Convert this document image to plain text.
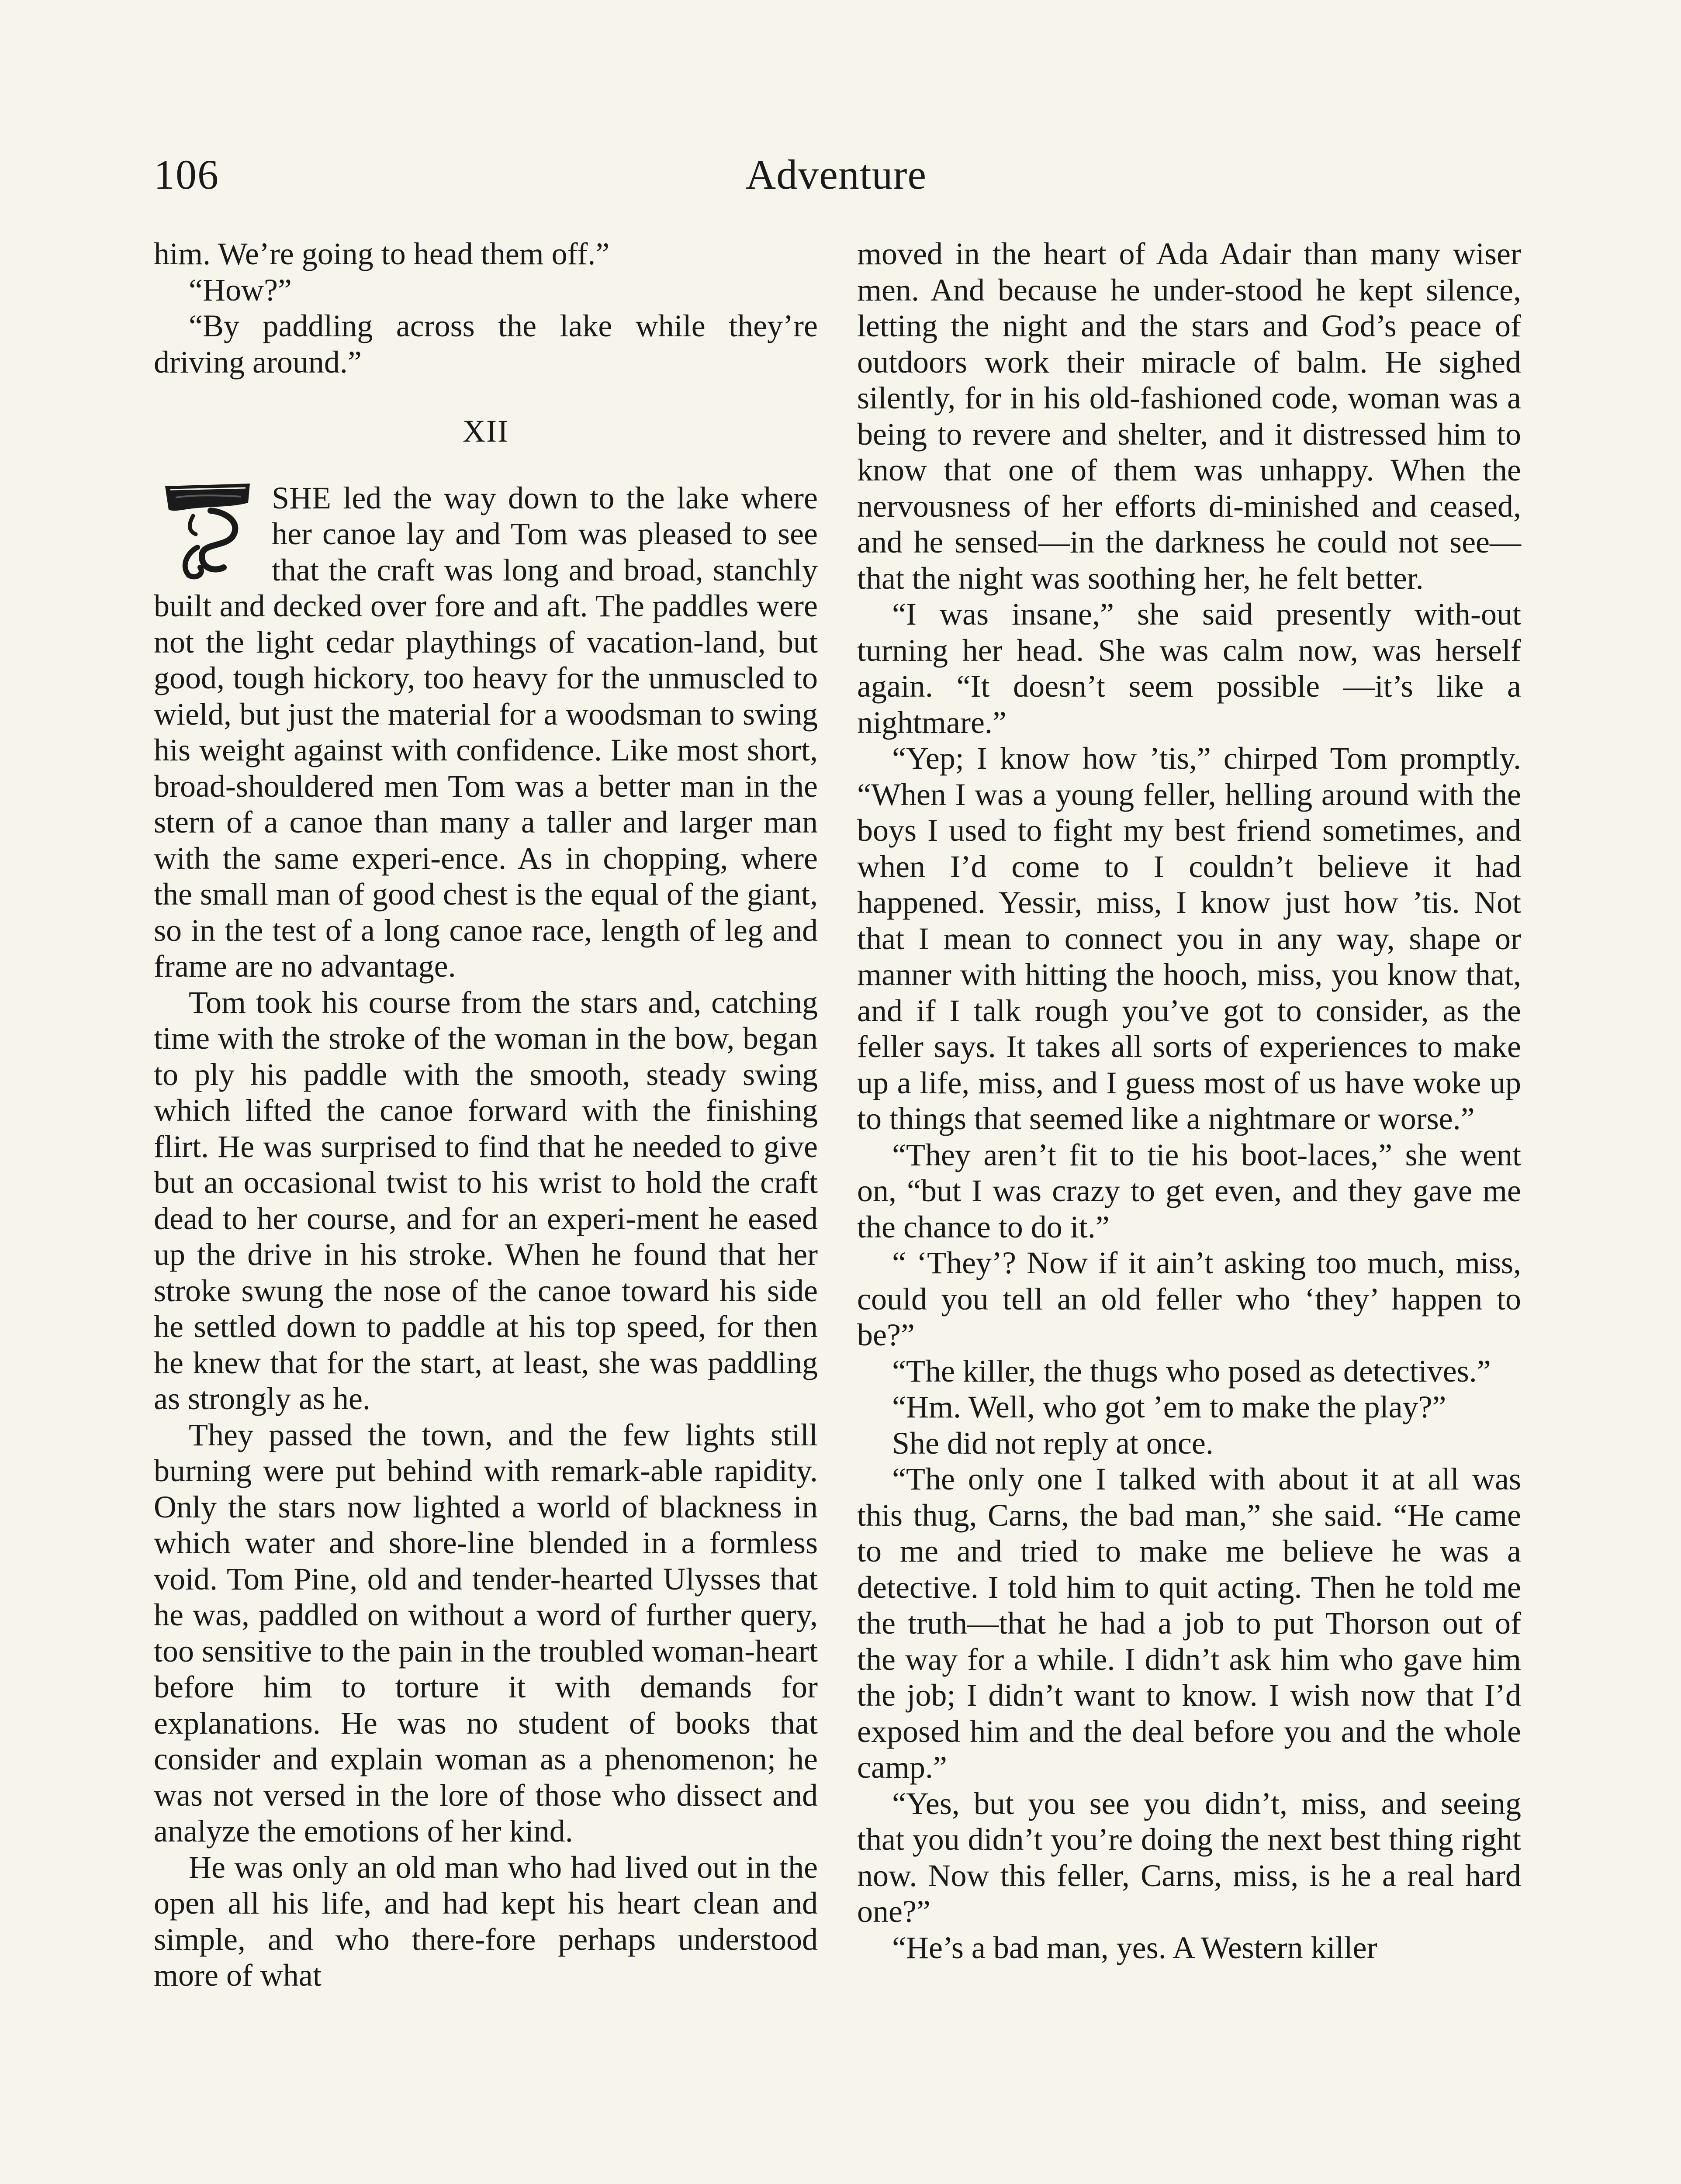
106	Adventure

him. We’re going to head them off.”

“How?”

“By paddling across the lake while they’re driving around.”

XII

SHE led the way down to the lake where her canoe lay and Tom was pleased to see that the craft was long and broad, stanchly built and decked over fore and aft. The paddles were not the light cedar playthings of vacation-land, but good, tough hickory, too heavy for the unmuscled to wield, but just the material for a woodsman to swing his weight against with confidence. Like most short, broad-shouldered men Tom was a better man in the stern of a canoe than many a taller and larger man with the same experi-ence. As in chopping, where the small man of good chest is the equal of the giant, so in the test of a long canoe race, length of leg and frame are no advantage.

Tom took his course from the stars and, catching time with the stroke of the woman in the bow, began to ply his paddle with the smooth, steady swing which lifted the canoe forward with the finishing flirt. He was surprised to find that he needed to give but an occasional twist to his wrist to hold the craft dead to her course, and for an experi-ment he eased up the drive in his stroke. When he found that her stroke swung the nose of the canoe toward his side he settled down to paddle at his top speed, for then he knew that for the start, at least, she was paddling as strongly as he.

They passed the town, and the few lights still burning were put behind with remark-able rapidity. Only the stars now lighted a world of blackness in which water and shore-line blended in a formless void. Tom Pine, old and tender-hearted Ulysses that he was, paddled on without a word of further query, too sensitive to the pain in the troubled woman-heart before him to torture it with demands for explanations. He was no student of books that consider and explain woman as a phenomenon; he was not versed in the lore of those who dissect and analyze the emotions of her kind.

He was only an old man who had lived out in the open all his life, and had kept his heart clean and simple, and who there-fore perhaps understood more of what

moved in the heart of Ada Adair than many wiser men. And because he under-stood he kept silence, letting the night and the stars and God’s peace of outdoors work their miracle of balm. He sighed silently, for in his old-fashioned code, woman was a being to revere and shelter, and it distressed him to know that one of them was unhappy. When the nervousness of her efforts di-minished and ceased, and he sensed—in the darkness he could not see—that the night was soothing her, he felt better.

“I was insane,” she said presently with-out turning her head. She was calm now, was herself again. “It doesn’t seem possible —it’s like a nightmare.”

“Yep; I know how ’tis,” chirped Tom promptly. “When I was a young feller, helling around with the boys I used to fight my best friend sometimes, and when I’d come to I couldn’t believe it had happened. Yessir, miss, I know just how ’tis. Not that I mean to connect you in any way, shape or manner with hitting the hooch, miss, you know that, and if I talk rough you’ve got to consider, as the feller says. It takes all sorts of experiences to make up a life, miss, and I guess most of us have woke up to things that seemed like a nightmare or worse.”

“They aren’t fit to tie his boot-laces,” she went on, “but I was crazy to get even, and they gave me the chance to do it.”

“ ‘They’? Now if it ain’t asking too much, miss, could you tell an old feller who ‘they’ happen to be?”

“The killer, the thugs who posed as detectives.”

“Hm. Well, who got ’em to make the play?”

She did not reply at once.

“The only one I talked with about it at all was this thug, Carns, the bad man,” she said. “He came to me and tried to make me believe he was a detective. I told him to quit acting. Then he told me the truth—that he had a job to put Thorson out of the way for a while. I didn’t ask him who gave him the job; I didn’t want to know. I wish now that I’d exposed him and the deal before you and the whole camp.”

“Yes, but you see you didn’t, miss, and seeing that you didn’t you’re doing the next best thing right now. Now this feller, Carns, miss, is he a real hard one?”

“He’s a bad man, yes. A Western killer
